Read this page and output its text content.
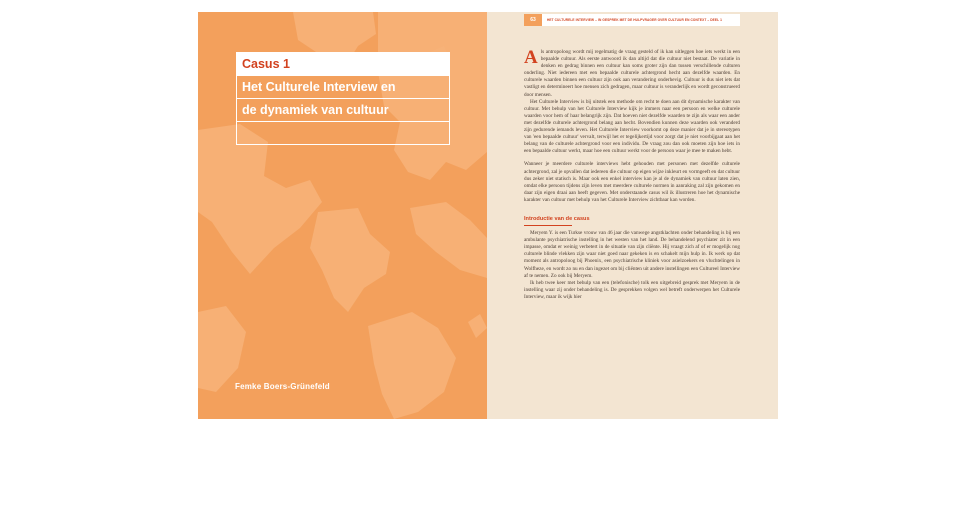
Casus 1
Het Culturele Interview en
de dynamiek van cultuur
Femke Boers-Grünefeld
63	HET CULTURELE INTERVIEW – IN GESPREK MET DE HULPVRAGER OVER CULTUUR EN CONTEXT – DEEL 1

Als antropoloog wordt mij regelmatig de vraag gesteld of ik kan uitleggen hoe iets werkt in een bepaalde cultuur. Als eerste antwoord ik dan altijd dat die cultuur niet bestaat. De variatie in denken en gedrag binnen een cultuur kan soms groter zijn dan tussen verschillende culturen onderling. Niet iedereen met een bepaalde culturele achtergrond hecht aan dezelfde waarden. En culturele waarden binnen een cultuur zijn ook aan verandering onderhevig. Cultuur is dus niet iets dat vastligt en determineert hoe mensen zich gedragen, maar cultuur is veranderlijk en wordt geconstrueerd door mensen.

Het Culturele Interview is bij uitstek een methode om recht te doen aan dit dynamische karakter van cultuur. Met behulp van het Culturele Interview kijk je immers naar een persoon en welke culturele waarden voor hem of haar belangrijk zijn. Dat hoeven niet dezelfde waarden te zijn als waar een ander met dezelfde culturele achtergrond belang aan hecht. Bovendien kunnen deze waarden ook veranderd zijn gedurende iemands leven. Het Culturele Interview voorkomt op deze manier dat je in stereotypen van 'een bepaalde cultuur' vervalt, terwijl het er tegelijkertijd voor zorgt dat je niet voorbijgaat aan het belang van de culturele achtergrond voor een individu. De vraag zou dan ook moeten zijn hoe iets in een bepaalde cultuur werkt, maar hoe een cultuur werkt voor de persoon waar je mee te maken hebt.

Wanneer je meerdere culturele interviews hebt gehouden met personen met dezelfde culturele achtergrond, zal je opvallen dat iedereen die cultuur op eigen wijze inkleurt en vormgeeft en dat cultuur dus zeker niet statisch is. Maar ook een enkel interview kan je al de dynamiek van cultuur laten zien, omdat elke persoon tijdens zijn leven met meerdere culturele normen in aanraking zal zijn gekomen en daar zijn eigen draai aan heeft gegeven. Met onderstaande casus wil ik illustreren hoe het dynamische karakter van cultuur met behulp van het Culturele Interview zichtbaar kan worden.

Introductie van de casus

Meryem Y. is een Turkse vrouw van 46 jaar die vanwege angstklachten onder behandeling is bij een ambulante psychiatrische instelling in het westen van het land. De behandelend psychiater zit in een impasse, omdat er weinig verbetert in de situatie van zijn cliënte. Hij vraagt zich af of er mogelijk nog culturele blinde vlekken zijn waar niet goed naar gekeken is en schakelt mijn hulp in. Ik werk op dat moment als antropoloog bij Phoenix, een psychiatrische kliniek voor asielzoekers en vluchtelingen in Wolfheze, en wordt zo nu en dan ingezet om bij cliënten uit andere instellingen een Cultureel Interview af te nemen. Zo ook bij Meryem.

Ik heb twee keer met behulp van een (telefonische) tolk een uitgebreid gesprek met Meryem in de instelling waar zij onder behandeling is. De gesprekken volgen wel betreft onderwerpen het Culturele Interview, maar ik wijk hier
